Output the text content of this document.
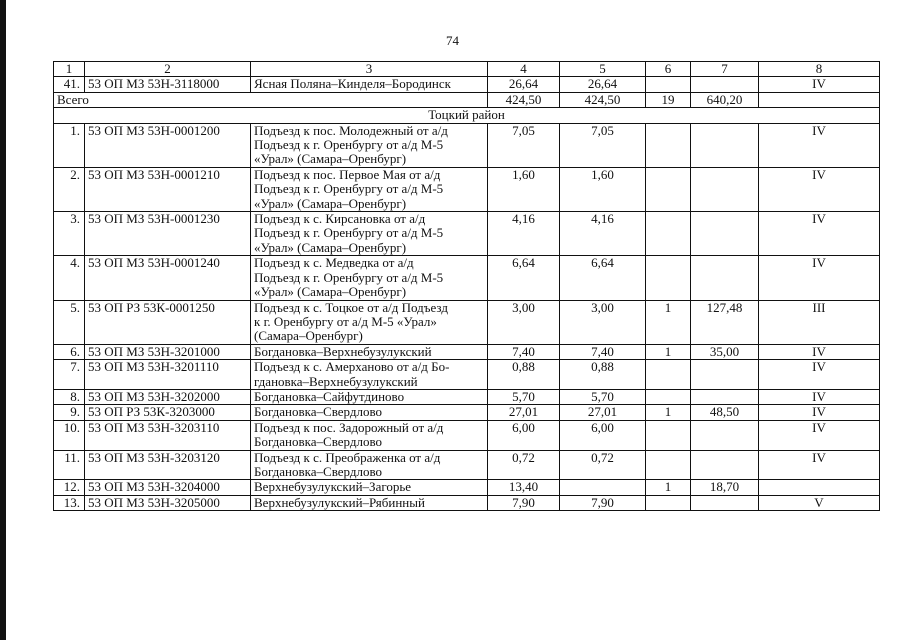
74
1	2	3	4	5	6	7	8
41.	53 ОП МЗ 53Н-3118000	Ясная Поляна–Кинделя–Бородинск	26,64	26,64			IV
Всего			424,50	424,50	19	640,20	
Тоцкий район							
1.	53 ОП МЗ 53Н-0001200	Подъезд к пос. Молодежный от а/д
Подъезд к г. Оренбургу от а/д М-5
«Урал» (Самара–Оренбург)	7,05	7,05			IV
2.	53 ОП МЗ 53Н-0001210	Подъезд к пос. Первое Мая от а/д
Подъезд к г. Оренбургу от а/д М-5
«Урал» (Самара–Оренбург)	1,60	1,60			IV
3.	53 ОП МЗ 53Н-0001230	Подъезд к с. Кирсановка от а/д
Подъезд к г. Оренбургу от а/д М-5
«Урал» (Самара–Оренбург)	4,16	4,16			IV
4.	53 ОП МЗ 53Н-0001240	Подъезд к с. Медведка от а/д
Подъезд к г. Оренбургу от а/д М-5
«Урал» (Самара–Оренбург)	6,64	6,64			IV
5.	53 ОП РЗ 53К-0001250	Подъезд к с. Тоцкое от а/д Подъезд
к г. Оренбургу от а/д М-5 «Урал»
(Самара–Оренбург)	3,00	3,00	1	127,48	III
6.	53 ОП МЗ 53Н-3201000	Богдановка–Верхнебузулукский	7,40	7,40	1	35,00	IV
7.	53 ОП МЗ 53Н-3201110	Подъезд к с. Амерханово от а/д Бо-
гдановка–Верхнебузулукский	0,88	0,88			IV
8.	53 ОП МЗ 53Н-3202000	Богдановка–Сайфутдиново	5,70	5,70			IV
9.	53 ОП РЗ 53К-3203000	Богдановка–Свердлово	27,01	27,01	1	48,50	IV
10.	53 ОП МЗ 53Н-3203110	Подъезд к пос. Задорожный от а/д
Богдановка–Свердлово	6,00	6,00			IV
11.	53 ОП МЗ 53Н-3203120	Подъезд к с. Преображенка от а/д
Богдановка–Свердлово	0,72	0,72			IV
12.	53 ОП МЗ 53Н-3204000	Верхнебузулукский–Загорье	13,40		1	18,70	
13.	53 ОП МЗ 53Н-3205000	Верхнебузулукский–Рябинный	7,90	7,90			V
